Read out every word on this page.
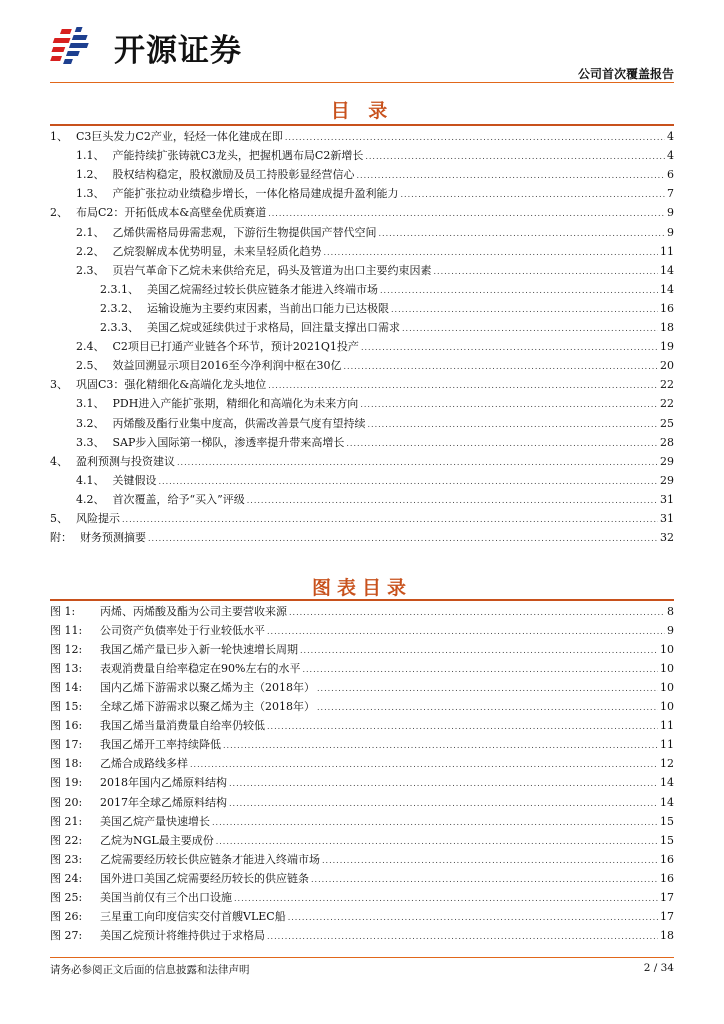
开源证券
公司首次覆盖报告
目 录
1、 C3巨头发力C2产业，轻烃一体化建成在即 .....	4
1.1、 产能持续扩张铸就C3龙头，把握机遇布局C2新增长 .....	4
1.2、 股权结构稳定，股权激励及员工持股彰显经营信心 .....	6
1.3、 产能扩张拉动业绩稳步增长，一体化格局建成提升盈利能力 .....	7
2、 布局C2：开拓低成本&高壁垒优质赛道 .....	9
2.1、 乙烯供需格局毋需悲观，下游衍生物提供国产替代空间 .....	9
2.2、 乙烷裂解成本优势明显，未来呈轻质化趋势 .....	11
2.3、 页岩气革命下乙烷未来供给充足，码头及管道为出口主要约束因素 .....	14
2.3.1、 美国乙烷需经过较长供应链条才能进入终端市场 .....	14
2.3.2、 运输设施为主要约束因素，当前出口能力已达极限 .....	16
2.3.3、 美国乙烷或延续供过于求格局，回注量支撑出口需求 .....	18
2.4、 C2项目已打通产业链各个环节，预计2021Q1投产 .....	19
2.5、 效益回溯显示项目2016至今净利润中枢在30亿 .....	20
3、 巩固C3：强化精细化&高端化龙头地位 .....	22
3.1、 PDH进入产能扩张期，精细化和高端化为未来方向 .....	22
3.2、 丙烯酸及酯行业集中度高，供需改善景气度有望持续 .....	25
3.3、 SAP步入国际第一梯队，渗透率提升带来高增长 .....	28
4、 盈利预测与投资建议 .....	29
4.1、 关键假设 .....	29
4.2、 首次覆盖，给予“买入”评级 .....	31
5、 风险提示 .....	31
附： 财务预测摘要 .....	32
图表目录
图 1:	丙烯、丙烯酸及酯为公司主要营收来源 .....	8
图 11:	公司资产负债率处于行业较低水平 .....	9
图 12:	我国乙烯产量已步入新一轮快速增长周期 .....	10
图 13:	表观消费量自给率稳定在90%左右的水平 .....	10
图 14:	国内乙烯下游需求以聚乙烯为主（2018年） .....	10
图 15:	全球乙烯下游需求以聚乙烯为主（2018年） .....	10
图 16:	我国乙烯当量消费量自给率仍较低 .....	11
图 17:	我国乙烯开工率持续降低 .....	11
图 18:	乙烯合成路线多样 .....	12
图 19:	2018年国内乙烯原料结构 .....	14
图 20:	2017年全球乙烯原料结构 .....	14
图 21:	美国乙烷产量快速增长 .....	15
图 22:	乙烷为NGL最主要成份 .....	15
图 23:	乙烷需要经历较长供应链条才能进入终端市场 .....	16
图 24:	国外进口美国乙烷需要经历较长的供应链条 .....	16
图 25:	美国当前仅有三个出口设施 .....	17
图 26:	三星重工向印度信实交付首艘VLEC船 .....	17
图 27:	美国乙烷预计将维持供过于求格局 .....	18
请务必参阅正文后面的信息披露和法律声明	2 / 34
